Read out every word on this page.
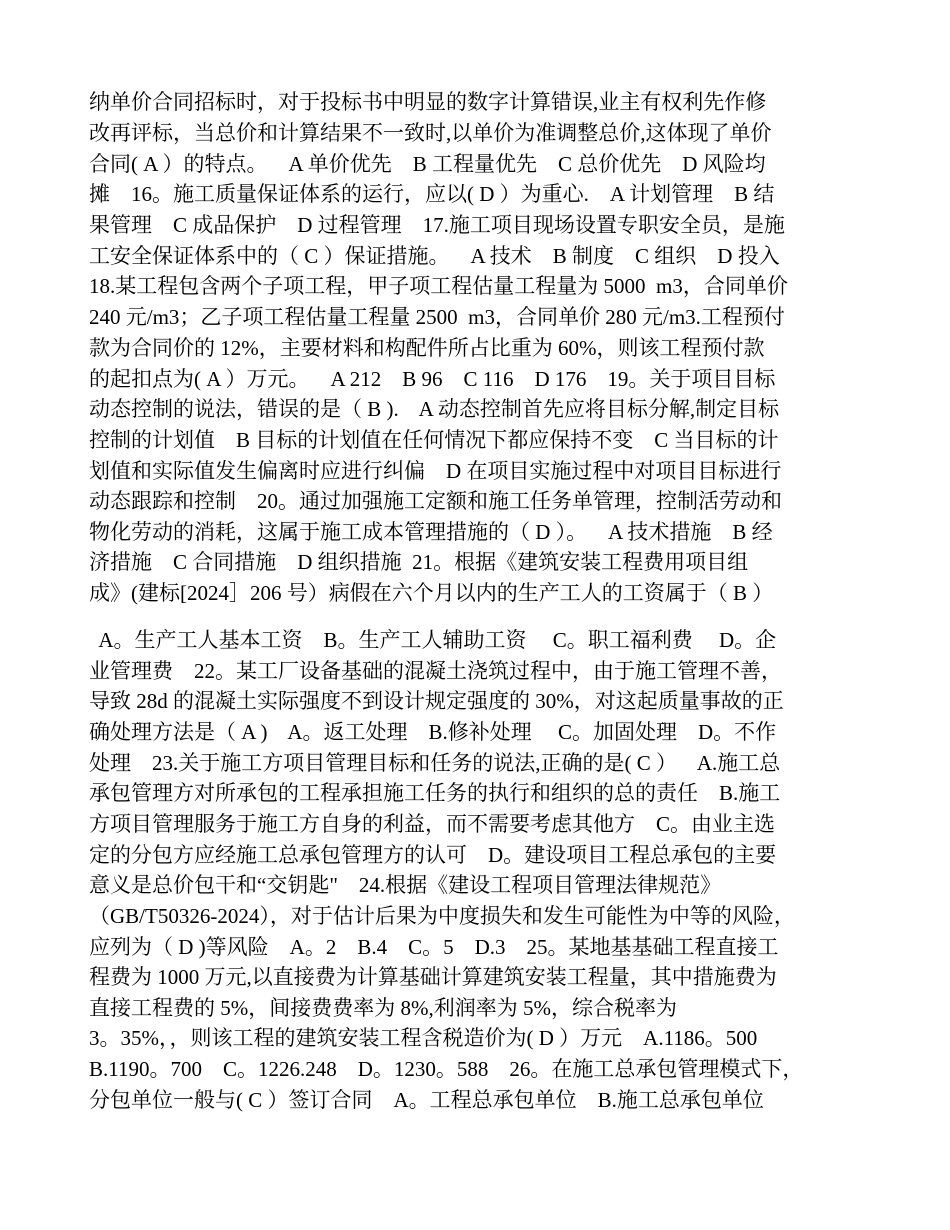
纳单价合同招标时，对于投标书中明显的数字计算错误,业主有权利先作修
改再评标，当总价和计算结果不一致时,以单价为准调整总价,这体现了单价
合同( A ）的特点。    A 单价优先    B 工程量优先    C 总价优先    D 风险均
摊    16。施工质量保证体系的运行，应以( D ）为重心.    A 计划管理    B 结
果管理    C 成品保护    D 过程管理    17.施工项目现场设置专职安全员，是施
工安全保证体系中的（ C ）保证措施。    A 技术    B 制度    C 组织    D 投入
18.某工程包含两个子项工程，甲子项工程估量工程量为 5000  m3，合同单价
240 元/m3；乙子项工程估量工程量 2500  m3，合同单价 280 元/m3.工程预付
款为合同价的 12%，主要材料和构配件所占比重为 60%，则该工程预付款
的起扣点为( A ）万元。    A 212    B 96    C 116    D 176    19。关于项目目标
动态控制的说法，错误的是（ B ).    A 动态控制首先应将目标分解,制定目标
控制的计划值    B 目标的计划值在任何情况下都应保持不变    C 当目标的计
划值和实际值发生偏离时应进行纠偏    D 在项目实施过程中对项目目标进行
动态跟踪和控制    20。通过加强施工定额和施工任务单管理，控制活劳动和
物化劳动的消耗，这属于施工成本管理措施的（ D ）。    A 技术措施    B 经
济措施    C 合同措施    D 组织措施  21。根据《建筑安装工程费用项目组
成》(建标[2024］206 号）病假在六个月以内的生产工人的工资属于（ B ）
A。生产工人基本工资    B。生产工人辅助工资     C。职工福利费     D。企
业管理费    22。某工厂设备基础的混凝土浇筑过程中，由于施工管理不善，
导致 28d 的混凝土实际强度不到设计规定强度的 30%，对这起质量事故的正
确处理方法是（ A )    A。返工处理    B.修补处理     C。加固处理    D。不作
处理    23.关于施工方项目管理目标和任务的说法,正确的是( C ）    A.施工总
承包管理方对所承包的工程承担施工任务的执行和组织的总的责任    B.施工
方项目管理服务于施工方自身的利益，而不需要考虑其他方    C。由业主选
定的分包方应经施工总承包管理方的认可    D。建设项目工程总承包的主要
意义是总价包干和“交钥匙"    24.根据《建设工程项目管理法律规范》
（GB/T50326-2024），对于估计后果为中度损失和发生可能性为中等的风险，
应列为（ D )等风险    A。2    B.4    C。5    D.3    25。某地基基础工程直接工
程费为 1000 万元,以直接费为计算基础计算建筑安装工程量，其中措施费为
直接工程费的 5%，间接费费率为 8%,利润率为 5%，综合税率为
3。35%，，则该工程的建筑安装工程含税造价为( D ）万元    A.1186。500
B.1190。700    C。1226.248    D。1230。588    26。在施工总承包管理模式下，
分包单位一般与( C ）签订合同    A。工程总承包单位    B.施工总承包单位
